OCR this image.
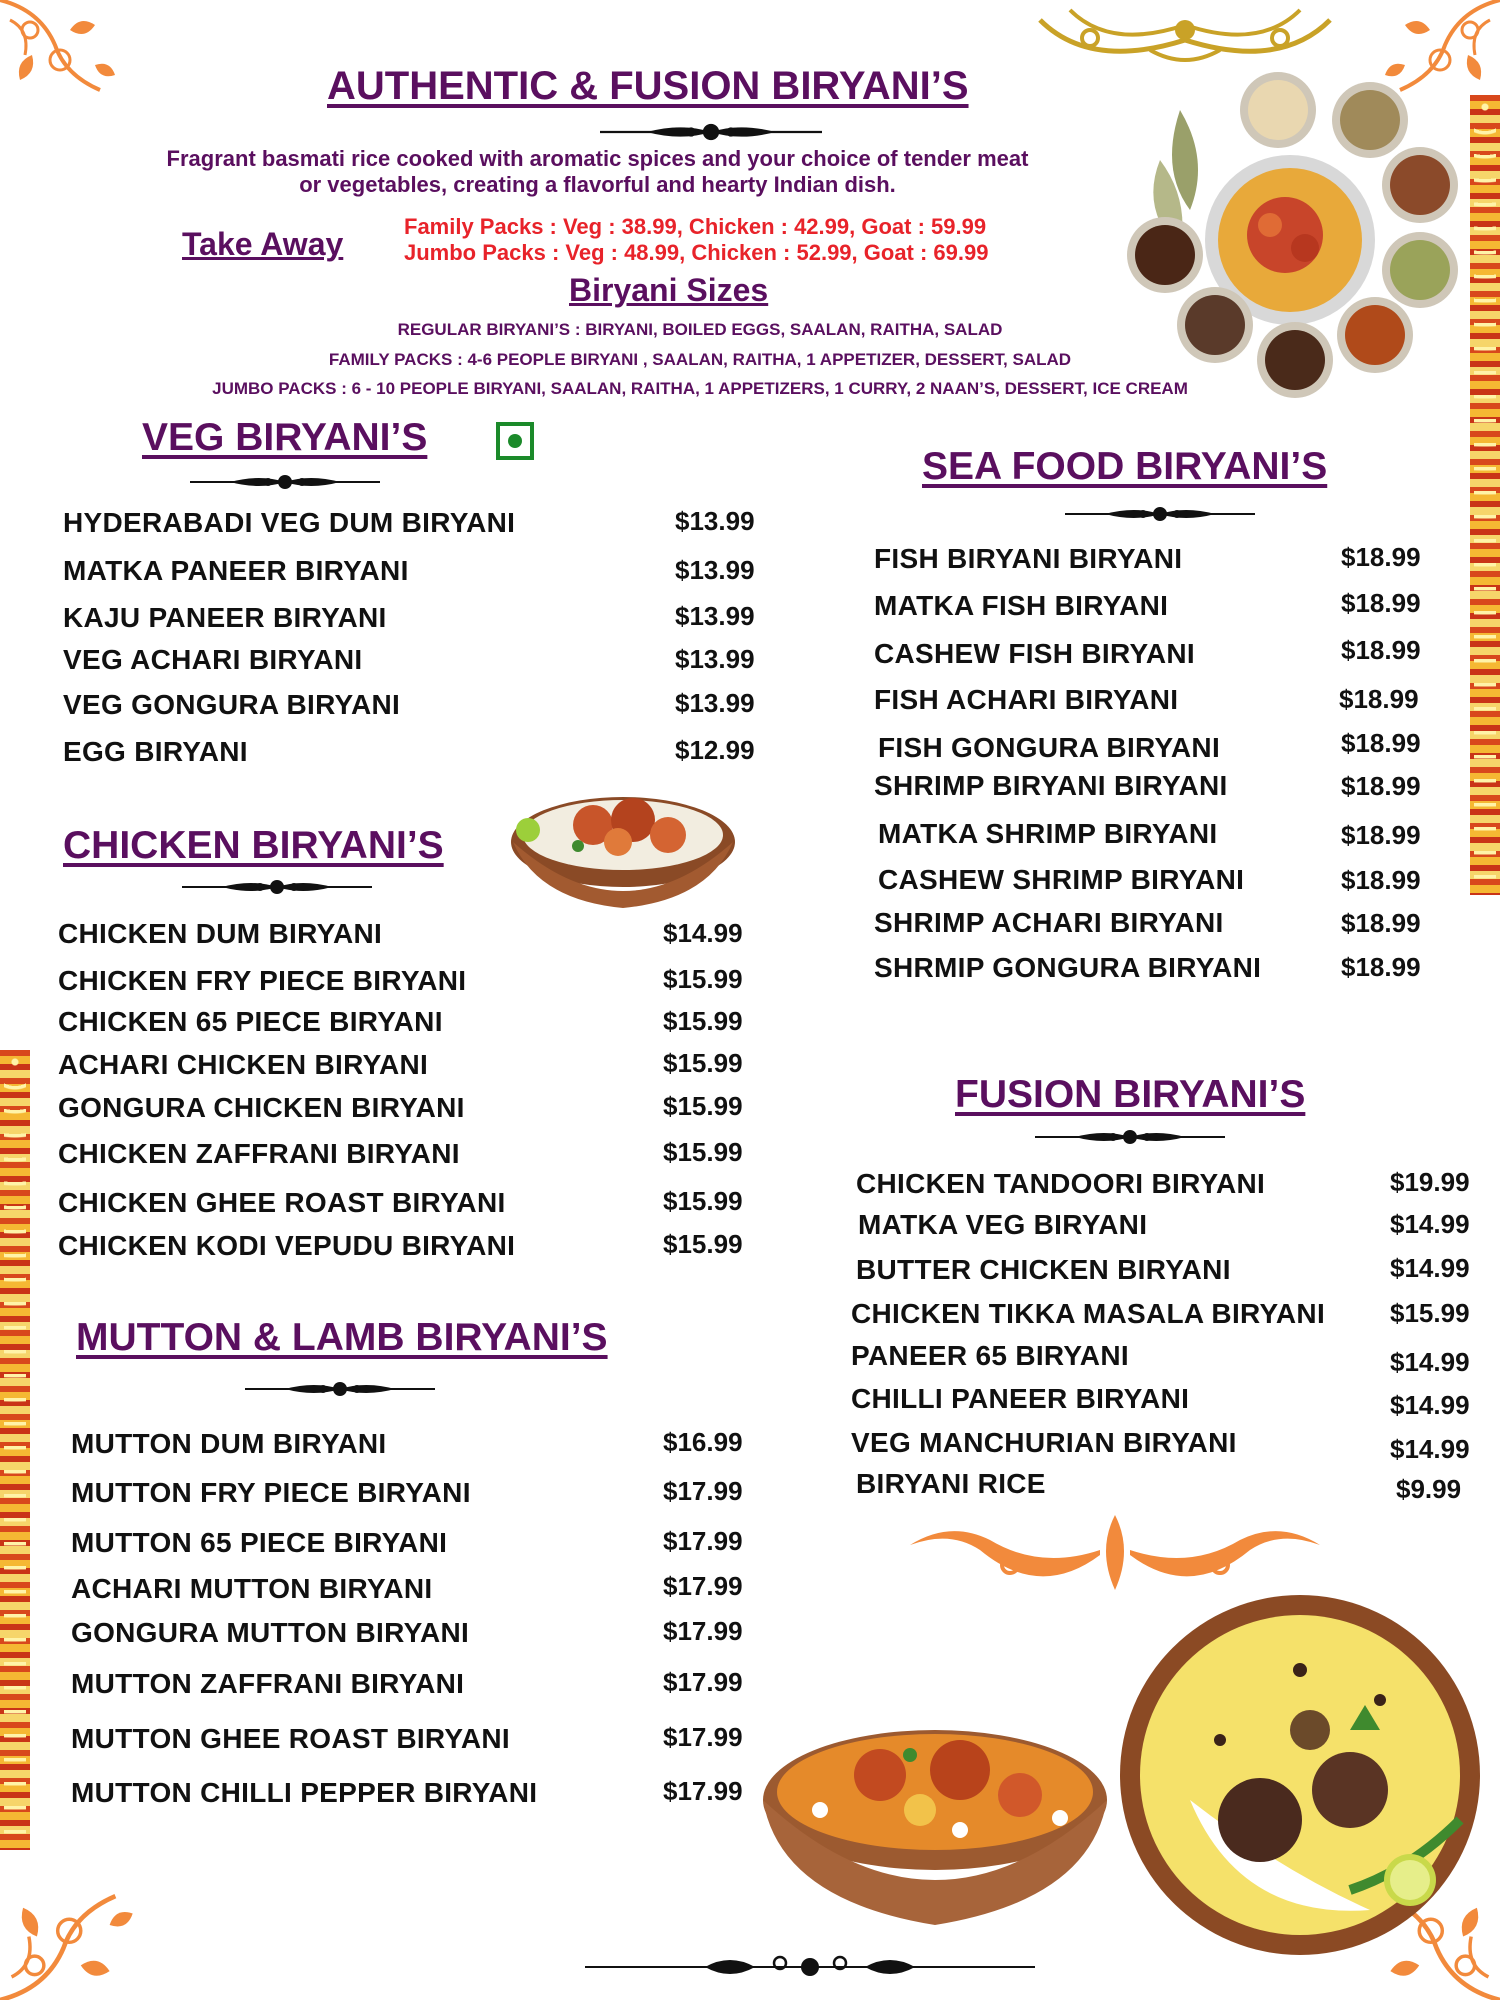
AUTHENTIC & FUSION BIRYANI’S
Fragrant basmati rice cooked with aromatic spices and your choice of tender meat
or vegetables, creating a flavorful and hearty Indian dish.
Take Away	Family Packs : Veg : 38.99, Chicken : 42.99, Goat : 59.99
Jumbo Packs : Veg : 48.99, Chicken : 52.99, Goat : 69.99
Biryani Sizes
REGULAR BIRYANI’S : BIRYANI, BOILED EGGS, SAALAN, RAITHA, SALAD
FAMILY PACKS : 4-6 PEOPLE BIRYANI , SAALAN, RAITHA, 1 APPETIZER, DESSERT, SALAD
JUMBO PACKS : 6 - 10 PEOPLE BIRYANI, SAALAN, RAITHA, 1 APPETIZERS, 1 CURRY, 2 NAAN’S, DESSERT, ICE CREAM
VEG BIRYANI’S
HYDERABADI VEG DUM BIRYANI	$13.99
MATKA PANEER BIRYANI	$13.99
KAJU PANEER BIRYANI	$13.99
VEG ACHARI BIRYANI	$13.99
VEG GONGURA BIRYANI	$13.99
EGG BIRYANI	$12.99
CHICKEN BIRYANI’S
CHICKEN DUM BIRYANI	$14.99
CHICKEN FRY PIECE BIRYANI	$15.99
CHICKEN 65 PIECE BIRYANI	$15.99
ACHARI CHICKEN BIRYANI	$15.99
GONGURA CHICKEN BIRYANI	$15.99
CHICKEN ZAFFRANI BIRYANI	$15.99
CHICKEN GHEE ROAST BIRYANI	$15.99
CHICKEN KODI VEPUDU BIRYANI	$15.99
MUTTON & LAMB BIRYANI’S
MUTTON DUM BIRYANI	$16.99
MUTTON FRY PIECE BIRYANI	$17.99
MUTTON 65 PIECE BIRYANI	$17.99
ACHARI MUTTON BIRYANI	$17.99
GONGURA MUTTON BIRYANI	$17.99
MUTTON ZAFFRANI BIRYANI	$17.99
MUTTON GHEE ROAST BIRYANI	$17.99
MUTTON CHILLI PEPPER BIRYANI	$17.99
SEA FOOD BIRYANI’S
FISH BIRYANI BIRYANI	$18.99
MATKA FISH BIRYANI	$18.99
CASHEW FISH BIRYANI	$18.99
FISH ACHARI BIRYANI	$18.99
FISH GONGURA BIRYANI	$18.99
SHRIMP BIRYANI BIRYANI	$18.99
MATKA SHRIMP BIRYANI	$18.99
CASHEW SHRIMP BIRYANI	$18.99
SHRIMP ACHARI BIRYANI	$18.99
SHRMIP GONGURA BIRYANI	$18.99
FUSION BIRYANI’S
CHICKEN TANDOORI BIRYANI	$19.99
MATKA VEG BIRYANI	$14.99
BUTTER CHICKEN BIRYANI	$14.99
CHICKEN TIKKA MASALA BIRYANI $15.99
PANEER 65 BIRYANI	$14.99
CHILLI PANEER BIRYANI	$14.99
VEG MANCHURIAN BIRYANI	$14.99
BIRYANI RICE	$9.99
